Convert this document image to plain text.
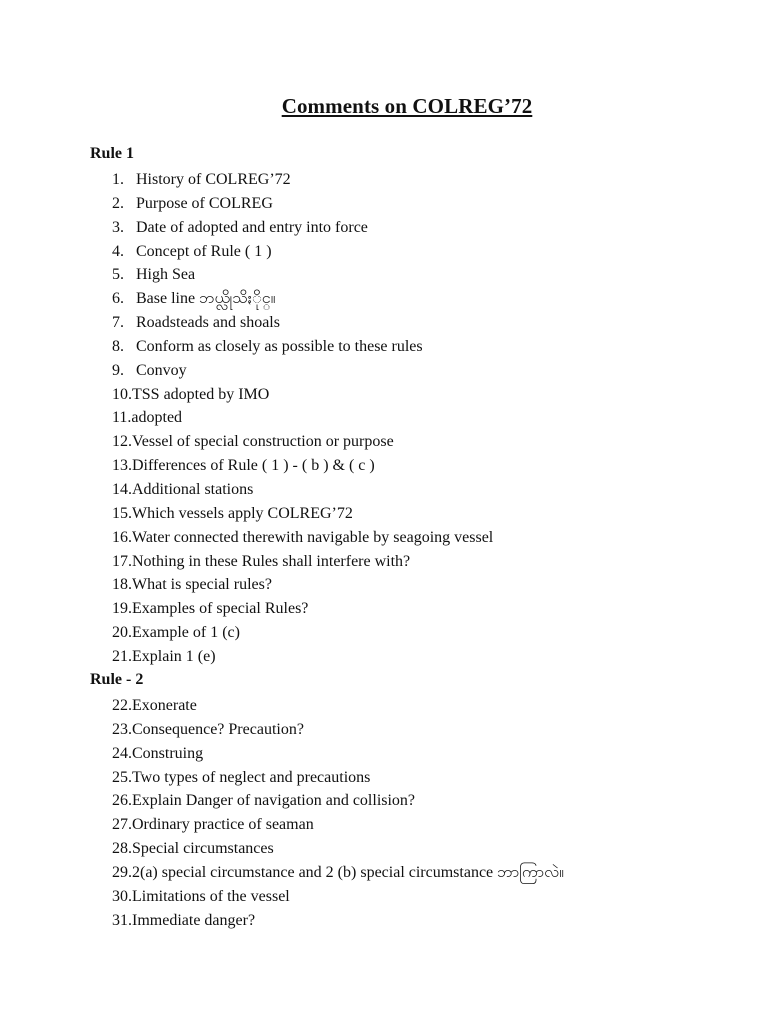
Comments on COLREG’72
Rule 1
1. History of COLREG’72
2. Purpose of COLREG
3. Date of adopted and entry into force
4. Concept of Rule ( 1 )
5. High Sea
6. Base line ဘယ္လိုသိႏိုင္။
7. Roadsteads and shoals
8. Conform as closely as possible to these rules
9. Convoy
10.TSS adopted by IMO
11.adopted
12.Vessel of special construction or purpose
13.Differences of Rule ( 1 ) - ( b ) & ( c )
14.Additional stations
15.Which vessels apply COLREG’72
16.Water connected therewith navigable by seagoing vessel
17.Nothing in these Rules shall interfere with?
18.What is special rules?
19.Examples of special Rules?
20.Example of 1 (c)
21.Explain 1 (e)
Rule - 2
22.Exonerate
23.Consequence? Precaution?
24.Construing
25.Two types of neglect and precautions
26.Explain Danger of navigation and collision?
27.Ordinary practice of seaman
28.Special circumstances
29.2(a) special circumstance and 2 (b) special circumstance ဘာကြာလဲ။
30.Limitations of the vessel
31.Immediate danger?
